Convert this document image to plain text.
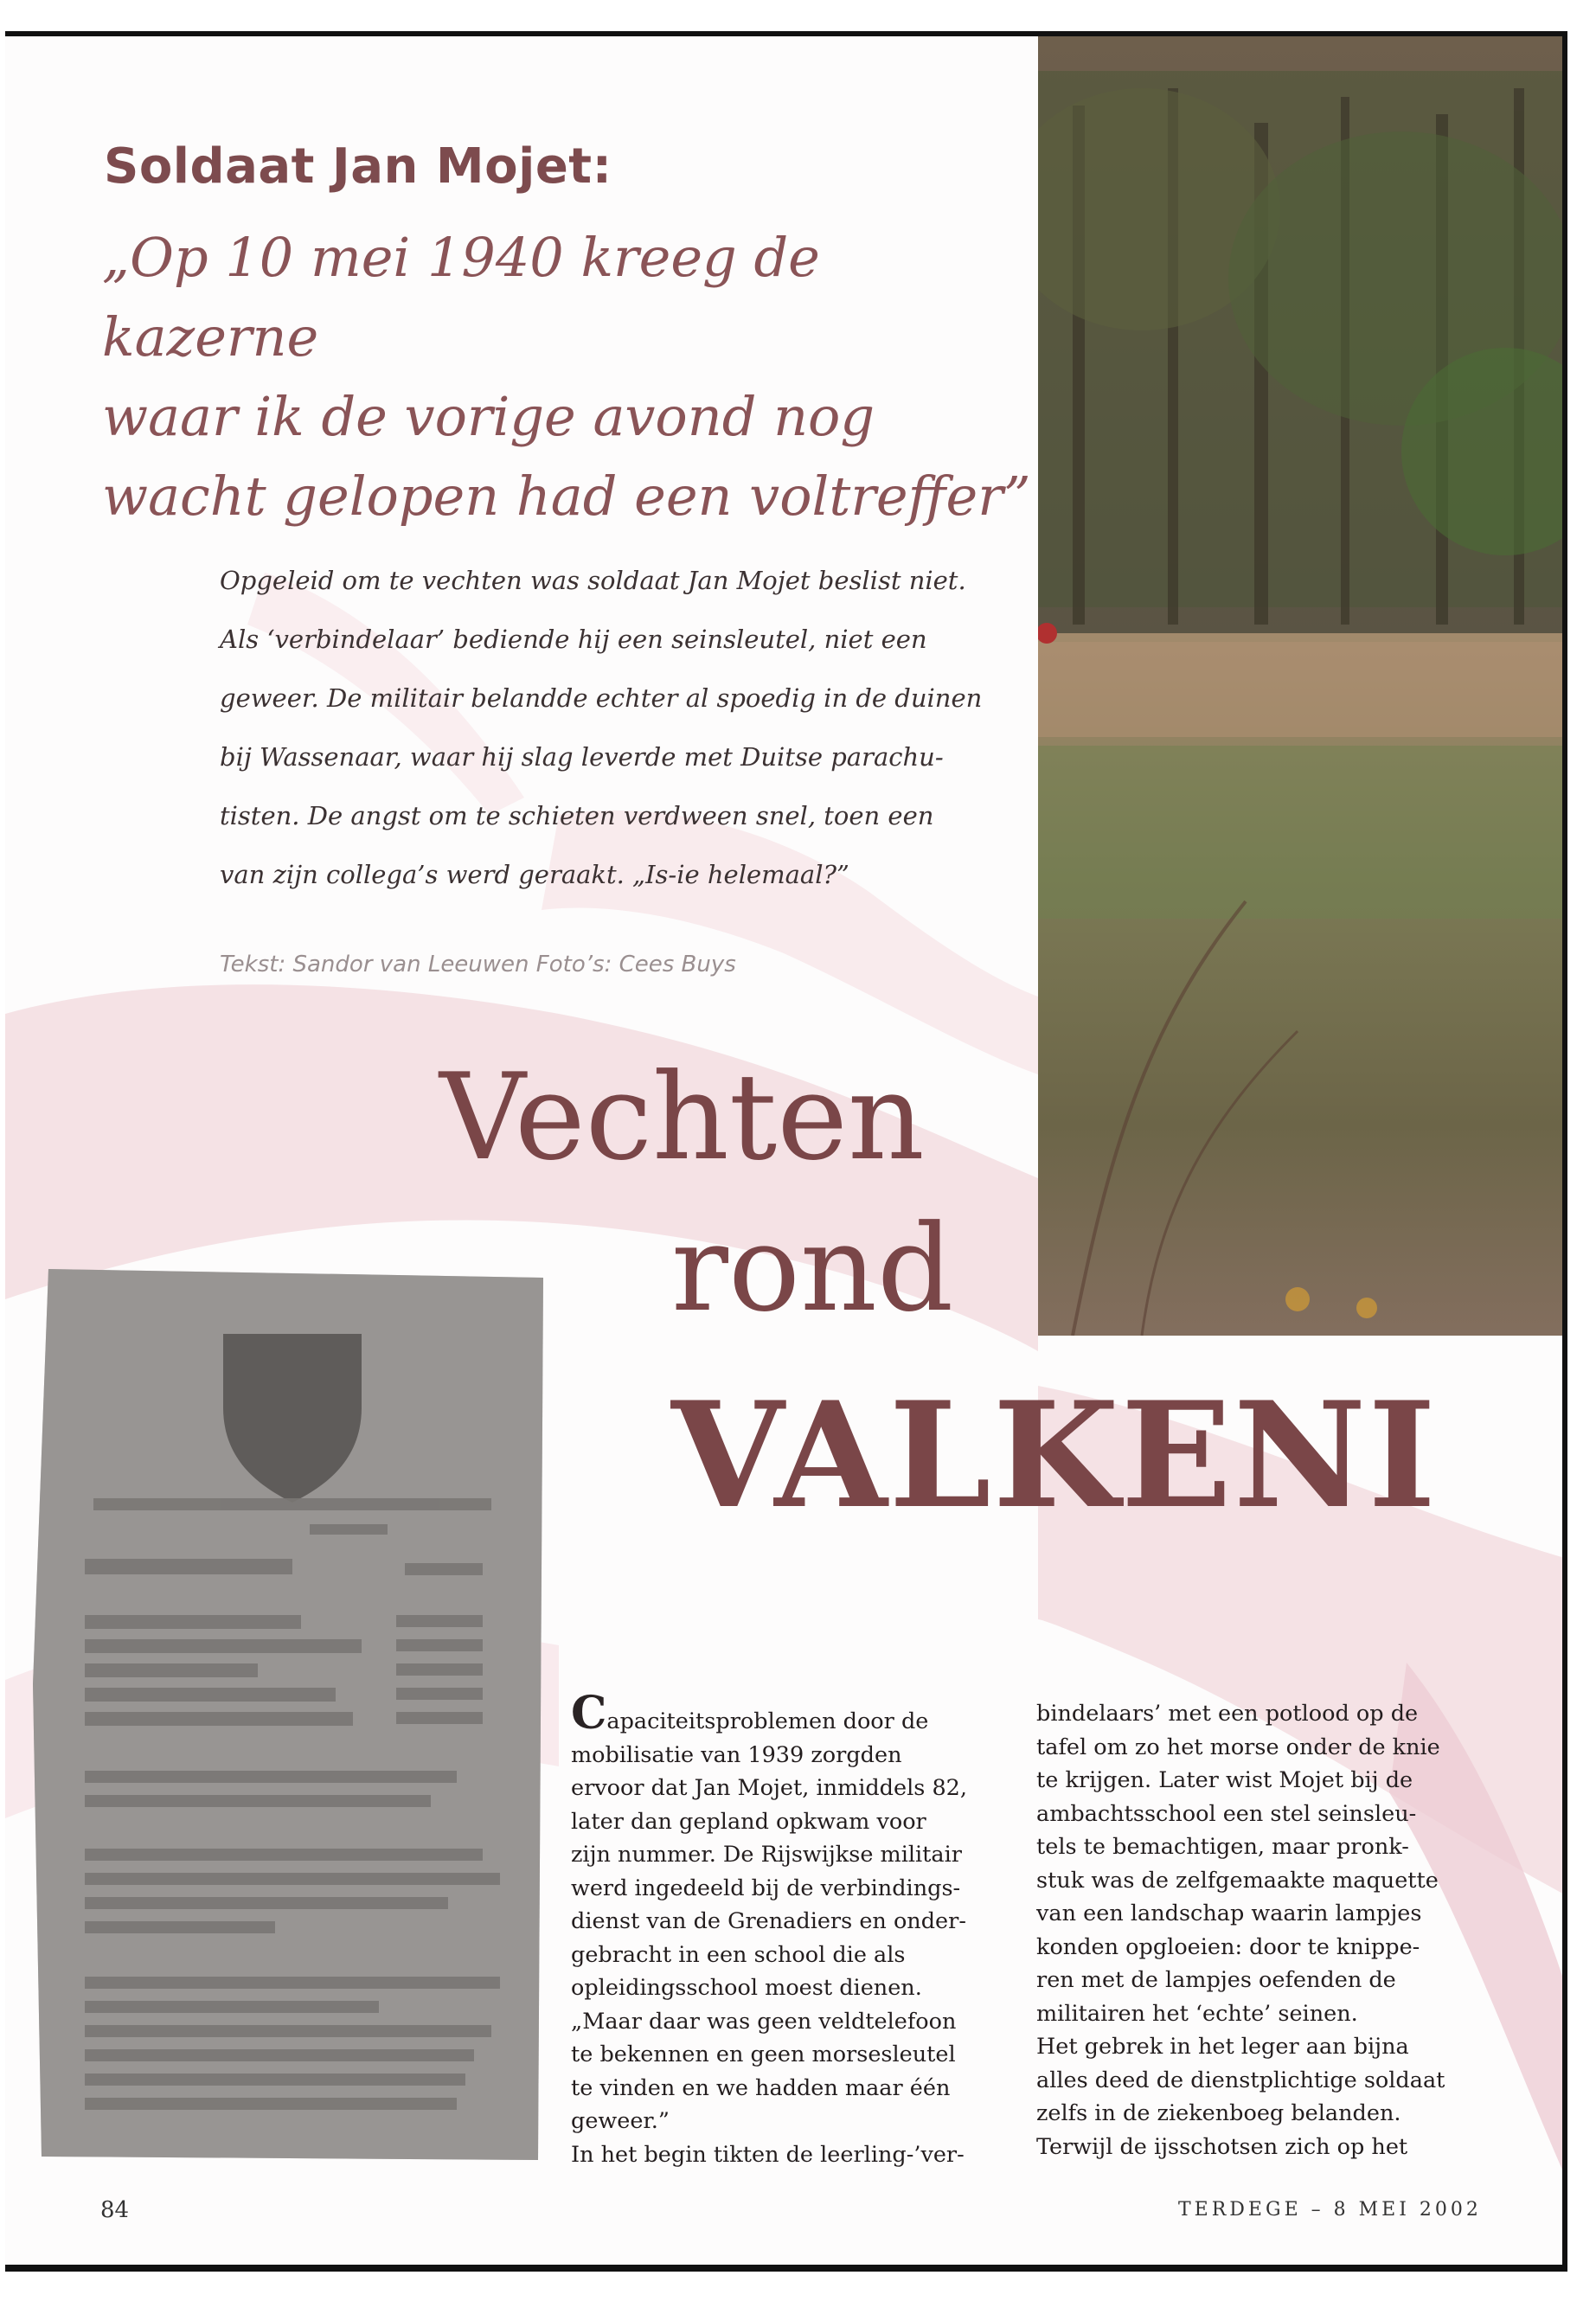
Soldaat Jan Mojet:
„Op 10 mei 1940 kreeg de kazerne
waar ik de vorige avond nog
wacht gelopen had een voltreffer”
Opgeleid om te vechten was soldaat Jan Mojet beslist niet.
Als ‘verbindelaar’ bediende hij een seinsleutel, niet een
geweer. De militair belandde echter al spoedig in de duinen
bij Wassenaar, waar hij slag leverde met Duitse parachu-
tisten. De angst om te schieten verdween snel, toen een
van zijn collega’s werd geraakt. „Is-ie helemaal?”

Tekst: Sandor van Leeuwen Foto’s: Cees Buys

Vechten
rond
VALKENI
Capaciteitsproblemen door de
mobilisatie van 1939 zorgden
ervoor dat Jan Mojet, inmiddels 82,
later dan gepland opkwam voor
zijn nummer. De Rijswijkse militair
werd ingedeeld bij de verbindings-
dienst van de Grenadiers en onder-
gebracht in een school die als
opleidingsschool moest dienen.
„Maar daar was geen veldtelefoon
te bekennen en geen morsesleutel
te vinden en we hadden maar één
geweer.”
In het begin tikten de leerling-’ver-
bindelaars’ met een potlood op de
tafel om zo het morse onder de knie
te krijgen. Later wist Mojet bij de
ambachtsschool een stel seinsleu-
tels te bemachtigen, maar pronk-
stuk was de zelfgemaakte maquette
van een landschap waarin lampjes
konden opgloeien: door te knippe-
ren met de lampjes oefenden de
militairen het ‘echte’ seinen.
Het gebrek in het leger aan bijna
alles deed de dienstplichtige soldaat
zelfs in de ziekenboeg belanden.
Terwijl de ijsschotsen zich op het

84	TERDEGE – 8 MEI 2002
